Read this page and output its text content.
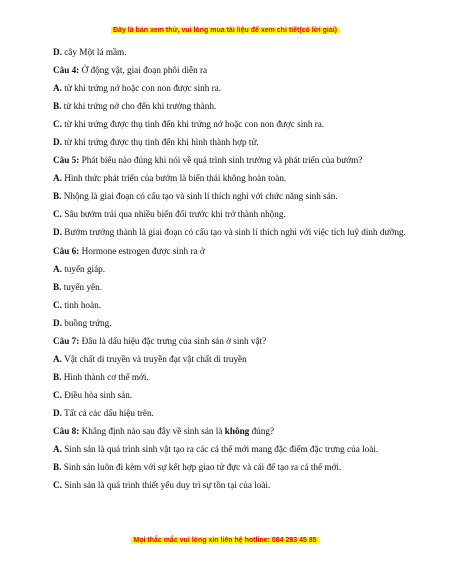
Đây là bản xem thử, vui lòng mua tài liệu để xem chi tiết(có lời giải)

D. cây Một lá mầm.

Câu 4: Ở động vật, giai đoạn phôi diễn ra

A. từ khi trứng nở hoặc con non được sinh ra.

B. từ khi trứng nở cho đến khi trưởng thành.

C. từ khi trứng được thụ tinh đến khi trứng nở hoặc con non được sinh ra.

D. từ khi trứng được thụ tinh đến khi hình thành hợp tử.

Câu 5: Phát biểu nào đúng khi nói về quá trình sinh trưởng và phát triển của bướm?

A. Hình thức phát triển của bướm là biến thái không hoàn toàn.

B. Nhộng là giai đoạn có cấu tạo và sinh lí thích nghi với chức năng sinh sản.

C. Sâu bướm trải qua nhiều biến đổi trước khi trở thành nhộng.

D. Bướm trưởng thành là giai đoạn có cấu tạo và sinh lí thích nghi với việc tích luỹ dinh dưỡng.

Câu 6: Hormone estrogen được sinh ra ở

A. tuyến giáp.

B. tuyến yên.

C. tinh hoàn.

D. buồng trứng.

Câu 7: Đâu là dấu hiệu đặc trưng của sinh sản ở sinh vật?

A. Vật chất di truyền và truyền đạt vật chất di truyền

B. Hình thành cơ thể mới.

C. Điều hòa sinh sản.

D. Tất cả các dấu hiệu trên.

Câu 8: Khẳng định nào sau đây về sinh sản là không đúng?

A. Sinh sản là quá trình sinh vật tạo ra các cá thể mới mang đặc điểm đặc trưng của loài.

B. Sinh sản luôn đi kèm với sự kết hợp giao tử đực và cái để tạo ra cá thể mới.

C. Sinh sản là quá trình thiết yếu duy trì sự tồn tại của loài.

Mọi thắc mắc vui lòng xin liên hệ hotline: 084 283 45 85
